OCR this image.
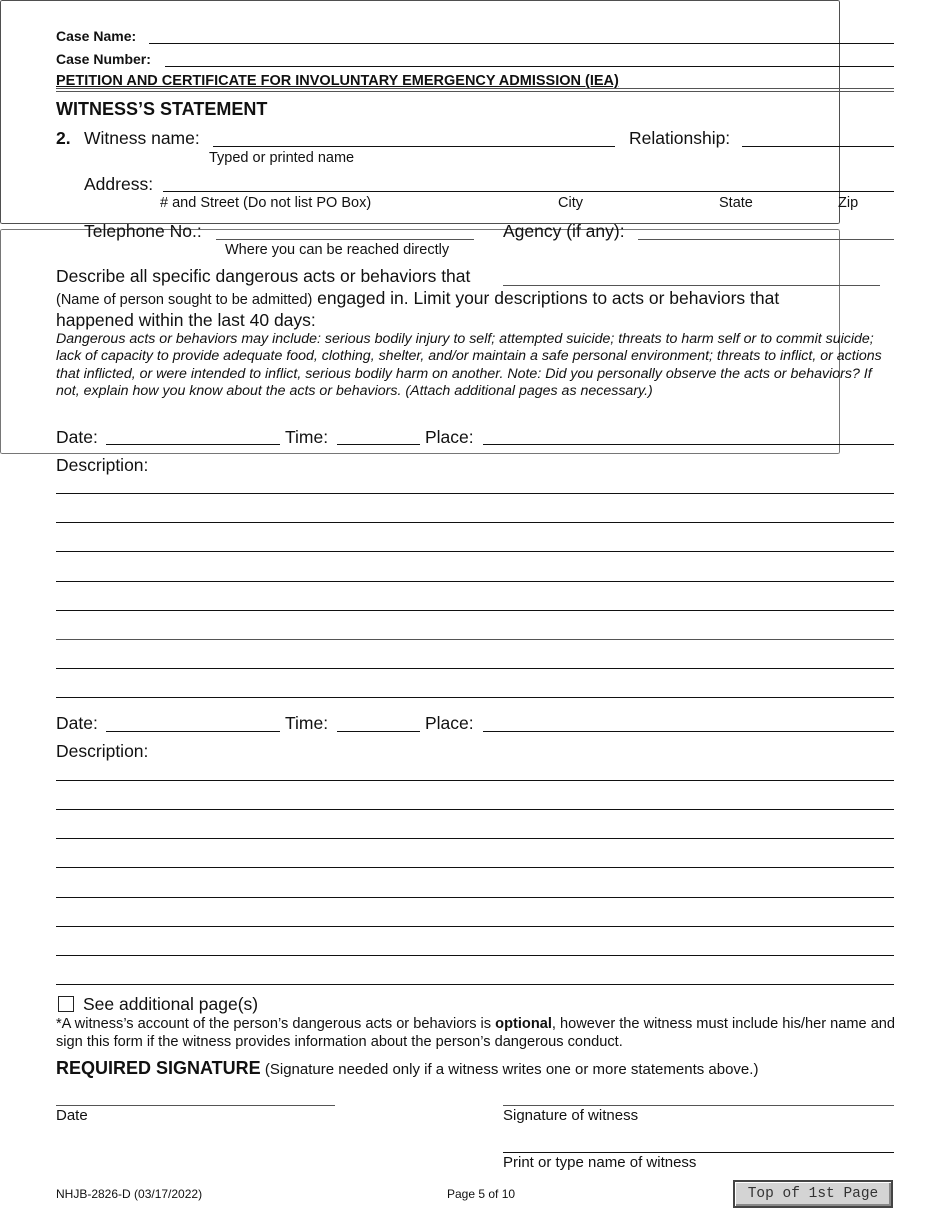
Case Name:
Case Number:
PETITION AND CERTIFICATE FOR INVOLUNTARY EMERGENCY ADMISSION (IEA)
WITNESS’S STATEMENT
2. Witness name:
Typed or printed name
Relationship:
Address:
# and Street (Do not list PO Box)	City	State	Zip
Telephone No.:
Where you can be reached directly
Agency (if any):
Describe all specific dangerous acts or behaviors that
(Name of person sought to be admitted) engaged in. Limit your descriptions to acts or behaviors that
happened within the last 40 days:
Dangerous acts or behaviors may include: serious bodily injury to self; attempted suicide; threats to harm self or to commit suicide; lack of capacity to provide adequate food, clothing, shelter, and/or maintain a safe personal environment; threats to inflict, or actions that inflicted, or were intended to inflict, serious bodily harm on another. Note: Did you personally observe the acts or behaviors? If not, explain how you know about the acts or behaviors. (Attach additional pages as necessary.)
Date:	Time:	Place:
Description:

Date:	Time:	Place:
Description:
See additional page(s)
*A witness’s account of the person’s dangerous acts or behaviors is optional, however the witness must include his/her name and sign this form if the witness provides information about the person’s dangerous conduct.
REQUIRED SIGNATURE (Signature needed only if a witness writes one or more statements above.)
Date	Signature of witness
Print or type name of witness
NHJB-2826-D (03/17/2022)	Page 5 of 10	Top of 1st Page
